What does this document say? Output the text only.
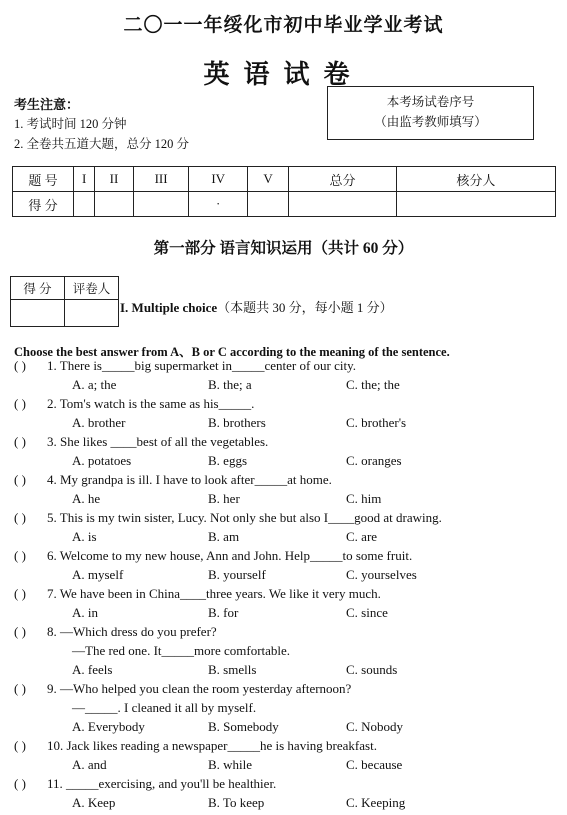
二〇一一年绥化市初中毕业学业考试
英语试卷
考生注意：
1. 考试时间 120 分钟
2. 全卷共五道大题，总分 120 分
本考场试卷序号
（由监考教师填写）
题 号	I	II	III	IV	V	总分	核分人
得 分				·			
第一部分 语言知识运用（共计 60 分）
得 分	评卷人

I. Multiple choice（本题共 30 分，每小题 1 分）
Choose the best answer from A、B or C according to the meaning of the sentence.
( ) 1. There is_____big supermarket in_____center of our city.
A. a; the	B. the; a	C. the; the
( ) 2. Tom's watch is the same as his_____.
A. brother	B. brothers	C. brother's
( ) 3. She likes ____best of all the vegetables.
A. potatoes	B. eggs	C. oranges
( ) 4. My grandpa is ill. I have to look after_____at home.
A. he	B. her	C. him
( ) 5. This is my twin sister, Lucy. Not only she but also I____good at drawing.
A. is	B. am	C. are
( ) 6. Welcome to my new house, Ann and John. Help_____to some fruit.
A. myself	B. yourself	C. yourselves
( ) 7. We have been in China____three years. We like it very much.
A. in	B. for	C. since
( ) 8. —Which dress do you prefer?
—The red one. It_____more comfortable.
A. feels	B. smells	C. sounds
( ) 9. —Who helped you clean the room yesterday afternoon?
—_____. I cleaned it all by myself.
A. Everybody	B. Somebody	C. Nobody
( ) 10. Jack likes reading a newspaper_____he is having breakfast.
A. and	B. while	C. because
( ) 11. _____exercising, and you'll be healthier.
A. Keep	B. To keep	C. Keeping
